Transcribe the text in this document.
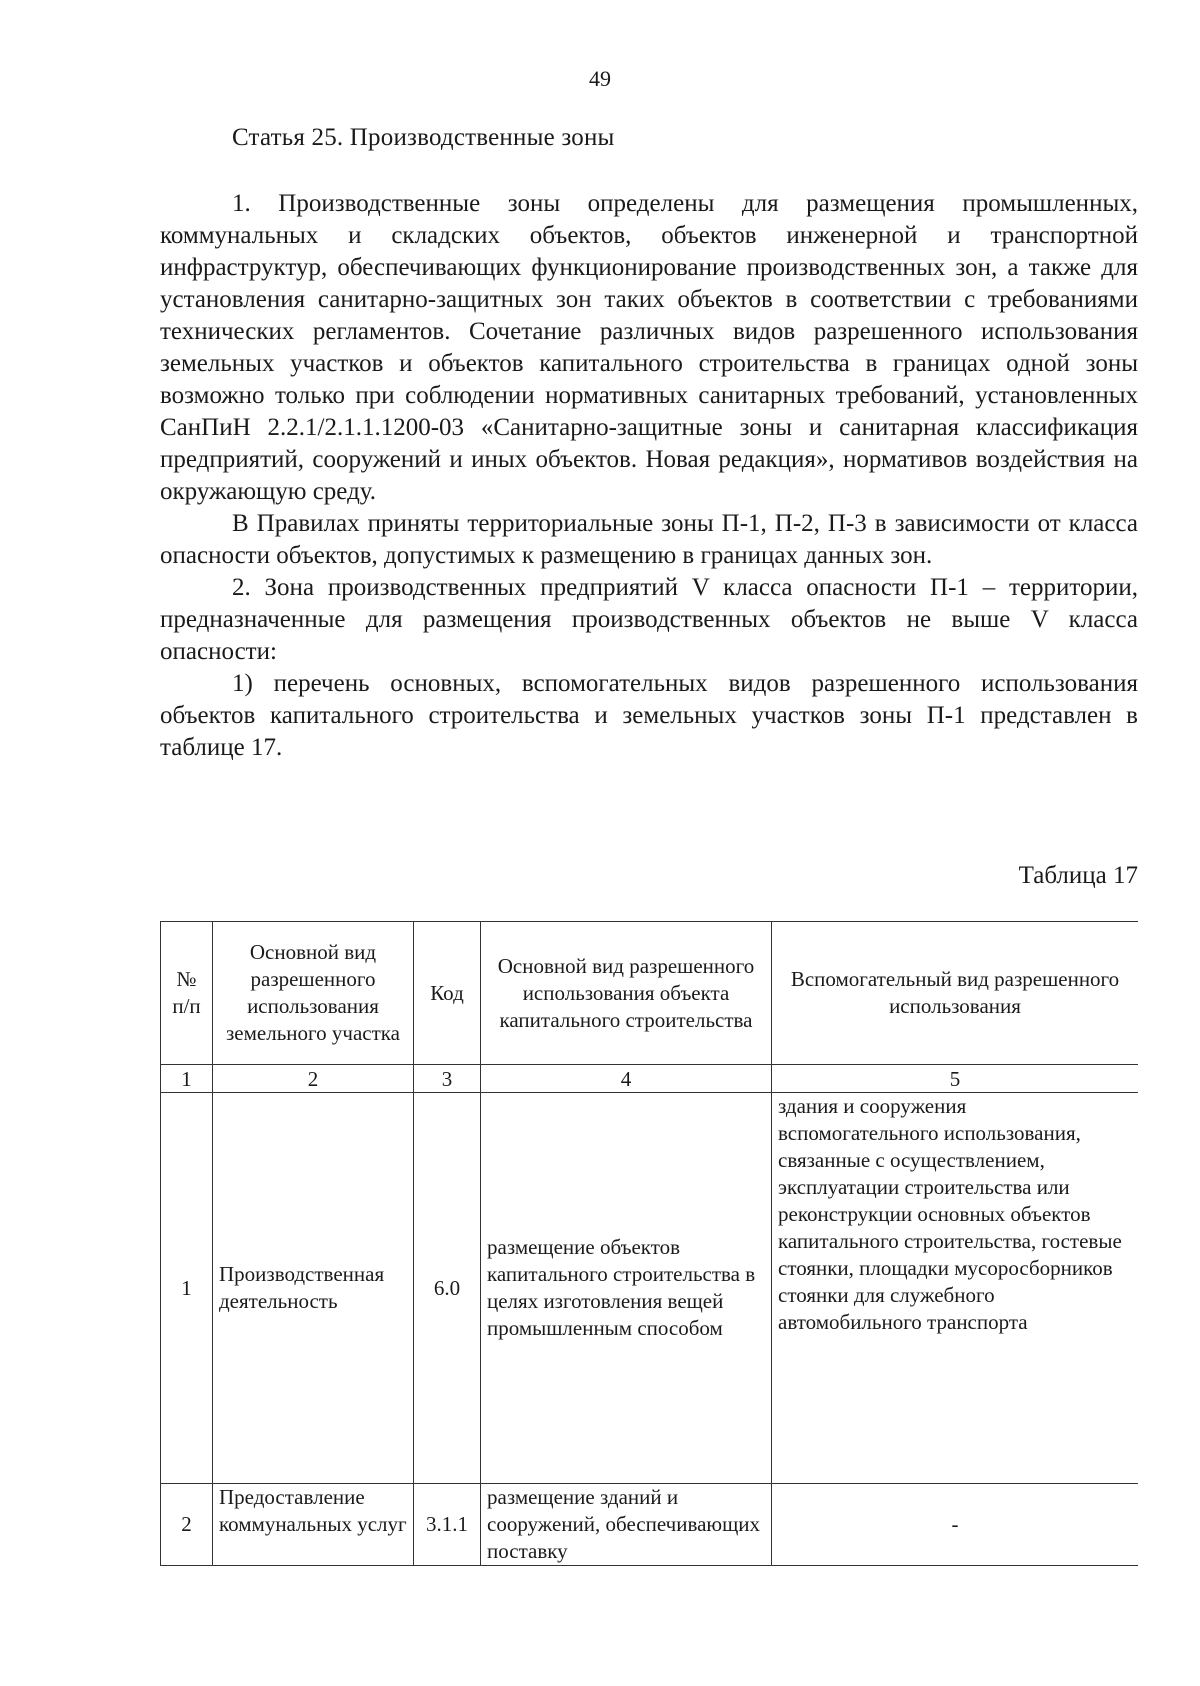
49
Статья 25. Производственные зоны

1. Производственные зоны определены для размещения промышленных, коммунальных и складских объектов, объектов инженерной и транспортной инфраструктур, обеспечивающих функционирование производственных зон, а также для установления санитарно-защитных зон таких объектов в соответствии с требованиями технических регламентов. Сочетание различных видов разрешенного использования земельных участков и объектов капитального строительства в границах одной зоны возможно только при соблюдении нормативных санитарных требований, установленных СанПиН 2.2.1/2.1.1.1200-03 «Санитарно-защитные зоны и санитарная классификация предприятий, сооружений и иных объектов. Новая редакция», нормативов воздействия на окружающую среду.

В Правилах приняты территориальные зоны П-1, П-2, П-3 в зависимости от класса опасности объектов, допустимых к размещению в границах данных зон.

2. Зона производственных предприятий V класса опасности П-1 – территории, предназначенные для размещения производственных объектов не выше V класса опасности:

1) перечень основных, вспомогательных видов разрешенного использования объектов капитального строительства и земельных участков зоны П-1 представлен в таблице 17.

Таблица 17
№ п/п	Основной вид разрешенного использования земельного участка	Код	Основной вид разрешенного использования объекта капитального строительства	Вспомогательный вид разрешенного использования
1	2	3	4	5
1	Производственная деятельность	6.0	размещение объектов капитального строительства в целях изготовления вещей промышленным способом	здания и сооружения вспомогательного использования, связанные с осуществлением, эксплуатации строительства или реконструкции основных объектов капитального строительства, гостевые стоянки, площадки мусоросборников стоянки для служебного автомобильного транспорта
2	Предоставление коммунальных услуг	3.1.1	размещение зданий и сооружений, обеспечивающих поставку	-
